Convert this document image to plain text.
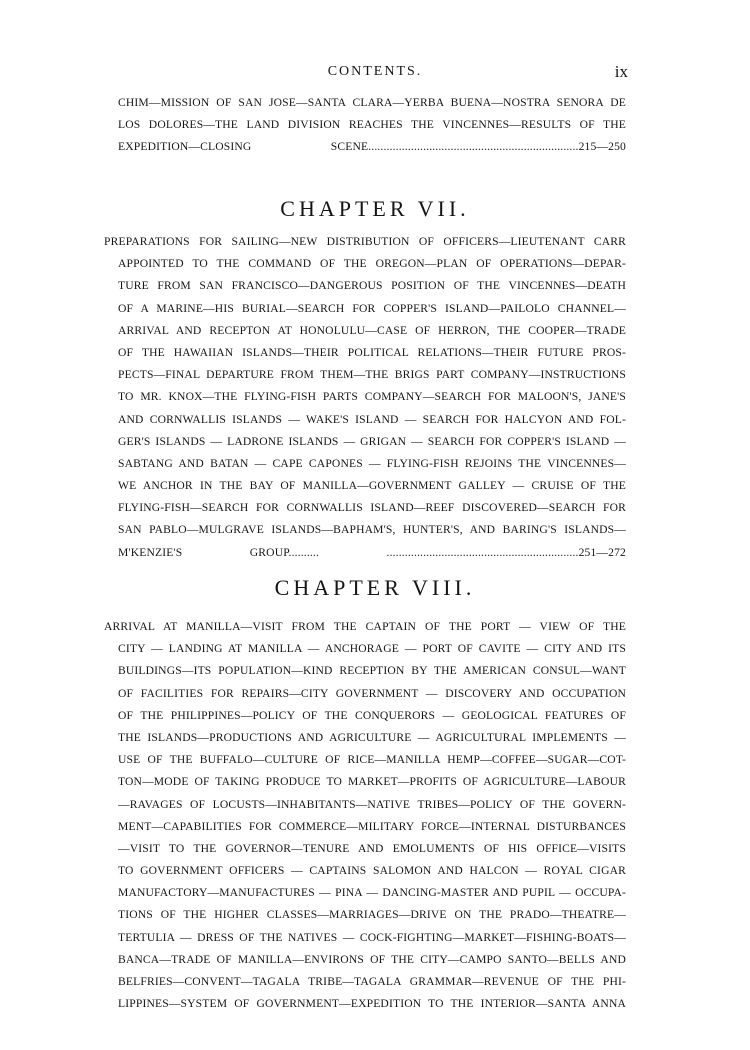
CONTENTS.	ix
CHIM—MISSION OF SAN JOSE—SANTA CLARA—YERBA BUENA—NOSTRA SENORA DE
LOS DOLORES—THE LAND DIVISION REACHES THE VINCENNES—RESULTS OF THE
EXPEDITION—CLOSING SCENE.....................................................................215—250
CHAPTER VII.
PREPARATIONS FOR SAILING—NEW DISTRIBUTION OF OFFICERS—LIEUTENANT CARR
APPOINTED TO THE COMMAND OF THE OREGON—PLAN OF OPERATIONS—DEPAR-
TURE FROM SAN FRANCISCO—DANGEROUS POSITION OF THE VINCENNES—DEATH
OF A MARINE—HIS BURIAL—SEARCH FOR COPPER'S ISLAND—PAILOLO CHANNEL—
ARRIVAL AND RECEPTON AT HONOLULU—CASE OF HERRON, THE COOPER—TRADE
OF THE HAWAIIAN ISLANDS—THEIR POLITICAL RELATIONS—THEIR FUTURE PROS-
PECTS—FINAL DEPARTURE FROM THEM—THE BRIGS PART COMPANY—INSTRUCTIONS
TO MR. KNOX—THE FLYING-FISH PARTS COMPANY—SEARCH FOR MALOON'S, JANE'S
AND CORNWALLIS ISLANDS — WAKE'S ISLAND — SEARCH FOR HALCYON AND FOL-
GER'S ISLANDS — LADRONE ISLANDS — GRIGAN — SEARCH FOR COPPER'S ISLAND —
SABTANG AND BATAN — CAPE CAPONES — FLYING-FISH REJOINS THE VINCENNES—
WE ANCHOR IN THE BAY OF MANILLA—GOVERNMENT GALLEY — CRUISE OF THE
FLYING-FISH—SEARCH FOR CORNWALLIS ISLAND—REEF DISCOVERED—SEARCH FOR
SAN PABLO—MULGRAVE ISLANDS—BAPHAM'S, HUNTER'S, AND BARING'S ISLANDS—
M'KENZIE'S GROUP.......... ...............................................................251—272
CHAPTER VIII.
ARRIVAL AT MANILLA—VISIT FROM THE CAPTAIN OF THE PORT — VIEW OF THE
CITY — LANDING AT MANILLA — ANCHORAGE — PORT OF CAVITE — CITY AND ITS
BUILDINGS—ITS POPULATION—KIND RECEPTION BY THE AMERICAN CONSUL—WANT
OF FACILITIES FOR REPAIRS—CITY GOVERNMENT — DISCOVERY AND OCCUPATION
OF THE PHILIPPINES—POLICY OF THE CONQUERORS — GEOLOGICAL FEATURES OF
THE ISLANDS—PRODUCTIONS AND AGRICULTURE — AGRICULTURAL IMPLEMENTS —
USE OF THE BUFFALO—CULTURE OF RICE—MANILLA HEMP—COFFEE—SUGAR—COT-
TON—MODE OF TAKING PRODUCE TO MARKET—PROFITS OF AGRICULTURE—LABOUR
—RAVAGES OF LOCUSTS—INHABITANTS—NATIVE TRIBES—POLICY OF THE GOVERN-
MENT—CAPABILITIES FOR COMMERCE—MILITARY FORCE—INTERNAL DISTURBANCES
—VISIT TO THE GOVERNOR—TENURE AND EMOLUMENTS OF HIS OFFICE—VISITS
TO GOVERNMENT OFFICERS — CAPTAINS SALOMON AND HALCON — ROYAL CIGAR
MANUFACTORY—MANUFACTURES — PINA — DANCING-MASTER AND PUPIL — OCCUPA-
TIONS OF THE HIGHER CLASSES—MARRIAGES—DRIVE ON THE PRADO—THEATRE—
TERTULIA — DRESS OF THE NATIVES — COCK-FIGHTING—MARKET—FISHING-BOATS—
BANCA—TRADE OF MANILLA—ENVIRONS OF THE CITY—CAMPO SANTO—BELLS AND
BELFRIES—CONVENT—TAGALA TRIBE—TAGALA GRAMMAR—REVENUE OF THE PHI-
LIPPINES—SYSTEM OF GOVERNMENT—EXPEDITION TO THE INTERIOR—SANTA ANNA
